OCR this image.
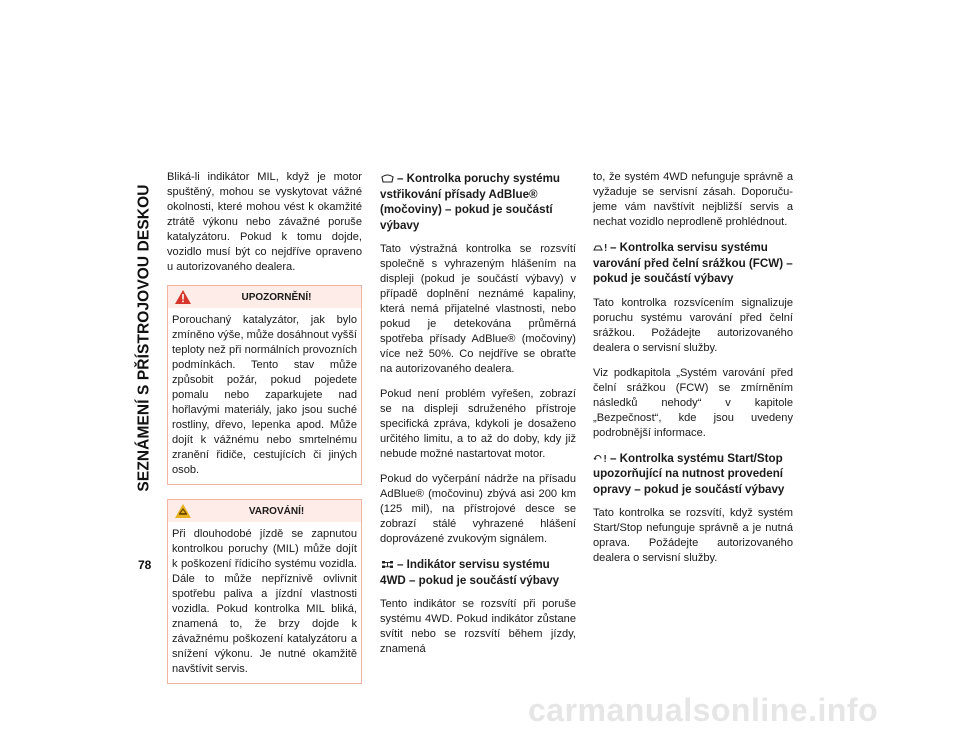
SEZNÁMENÍ S PŘÍSTROJOVOU DESKOU
78

Bliká-li indikátor MIL, když je motor spuštěný, mohou se vyskytovat vážné okolnosti, které mohou vést k okamžité ztrátě výkonu nebo závažné poruše katalyzátoru. Pokud k tomu dojde, vozidlo musí být co nejdříve opraveno u autorizovaného dealera.

UPOZORNĚNÍ!

Porouchaný katalyzátor, jak bylo zmíněno výše, může dosáhnout vyšší teploty než při normálních provozních podmínkách. Tento stav může způsobit požár, pokud pojedete pomalu nebo zaparkujete nad hořlavými materiály, jako jsou suché rostliny, dřevo, lepenka apod. Může dojít k vážnému nebo smrtelnému zranění řidiče, cestujících či jiných osob.

VAROVÁNÍ!

Při dlouhodobé jízdě se zapnutou kontrolkou poruchy (MIL) může dojít k poškození řídicího systému vozidla. Dále to může nepříznivě ovlivnit spotřebu paliva a jízdní vlastnosti vozidla. Pokud kontrolka MIL bliká, znamená to, že brzy dojde k závažnému poškození katalyzátoru a snížení výkonu. Je nutné okamžitě navštívit servis.

– Kontrolka poruchy systému vstřikování přísady AdBlue® (močoviny) – pokud je součástí výbavy

Tato výstražná kontrolka se rozsvítí společně s vyhrazeným hlášením na displeji (pokud je součástí výbavy) v případě doplnění neznámé kapaliny, která nemá přijatelné vlastnosti, nebo pokud je detekována průměrná spotřeba přísady AdBlue® (močoviny) více než 50%. Co nejdříve se obraťte na autorizovaného dealera.

Pokud není problém vyřešen, zobrazí se na displeji sdruženého přístroje specifická zpráva, kdykoli je dosaženo určitého limitu, a to až do doby, kdy již nebude možné nastartovat motor.

Pokud do vyčerpání nádrže na přísadu AdBlue® (močovinu) zbývá asi 200 km (125 mil), na přístrojové desce se zobrazí stálé vyhrazené hlášení doprovázené zvukovým signálem.

– Indikátor servisu systému 4WD – pokud je součástí výbavy

Tento indikátor se rozsvítí při poruše systému 4WD. Pokud indikátor zůstane svítit nebo se rozsvítí během jízdy, znamená

to, že systém 4WD nefunguje správně a vyžaduje se servisní zásah. Doporučujeme vám navštívit nejbližší servis a nechat vozidlo neprodleně prohlédnout.

– Kontrolka servisu systému varování před čelní srážkou (FCW) – pokud je součástí výbavy

Tato kontrolka rozsvícením signalizuje poruchu systému varování před čelní srážkou. Požádejte autorizovaného dealera o servisní služby.

Viz podkapitola „Systém varování před čelní srážkou (FCW) se zmírněním následků nehody“ v kapitole „Bezpečnost“, kde jsou uvedeny podrobnější informace.

– Kontrolka systému Start/Stop upozorňující na nutnost provedení opravy – pokud je součástí výbavy

Tato kontrolka se rozsvítí, když systém Start/Stop nefunguje správně a je nutná oprava. Požádejte autorizovaného dealera o servisní služby.

carmanualsonline.info
